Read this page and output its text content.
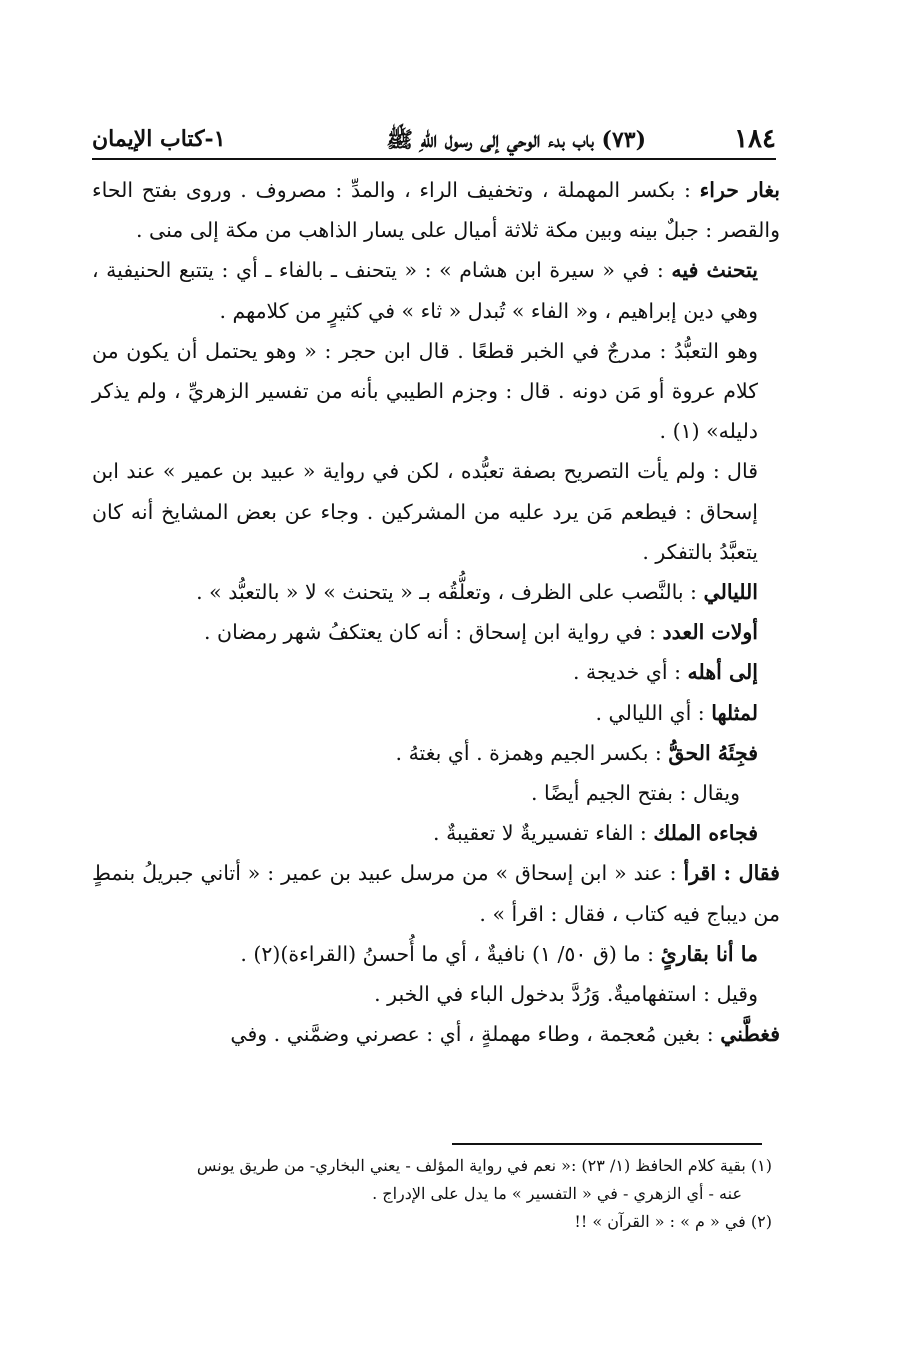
١٨٤
(٧٣) باب بدء الوحي إلى رسول اللّهِ ﷺ
١-كتاب الإيمان

بغار حراء : بكسر المهملة ، وتخفيف الراء ، والمدِّ : مصروف . وروى بفتح الحاء والقصر : جبلٌ بينه وبين مكة ثلاثة أميال على يسار الذاهب من مكة إلى منى .

يتحنث فيه : في « سيرة ابن هشام » : « يتحنف ـ بالفاء ـ أي : يتتبع الحنيفية ، وهي دين إبراهيم ، و« الفاء » تُبدل « ثاء » في كثيرٍ من كلامهم .

وهو التعبُّدُ : مدرجٌ في الخبر قطعًا . قال ابن حجر : « وهو يحتمل أن يكون من كلام عروة أو مَن دونه . قال : وجزم الطيبي بأنه من تفسير الزهريِّ ، ولم يذكر دليله» (١) .

قال : ولم يأت التصريح بصفة تعبُّده ، لكن في رواية « عبيد بن عمير » عند ابن إسحاق : فيطعم مَن يرد عليه من المشركين . وجاء عن بعض المشايخ أنه كان يتعبَّدُ بالتفكر .

الليالي : بالنَّصب على الظرف ، وتعلُّقُه بـ « يتحنث » لا « بالتعبُّد » .

أولات العدد : في رواية ابن إسحاق : أنه كان يعتكفُ شهر رمضان .

إلى أهله : أي خديجة .

لمثلها : أي الليالي .

فجِئَهُ الحقُّ : بكسر الجيم وهمزة . أي بغتهُ .

ويقال : بفتح الجيم أيضًا .

فجاءه الملك : الفاء تفسيريةٌ لا تعقيبةٌ .

فقال : اقرأ : عند « ابن إسحاق » من مرسل عبيد بن عمير : « أتاني جبريلُ بنمطٍ من ديباج فيه كتاب ، فقال : اقرأ » .

ما أنا بقارئٍ : ما (ق ٥٠/ ١) نافيةٌ ، أي ما أُحسنُ (القراءة)(٢) .

وقيل : استفهاميةٌ. وَرُدَّ بدخول الباء في الخبر .

فغطَّني : بغين مُعجمة ، وطاء مهملةٍ ، أي : عصرني وضمَّني . وفي

(١) بقية كلام الحافظ (١/ ٢٣) :« نعم في رواية المؤلف - يعني البخاري- من طريق يونس

عنه - أي الزهري - في « التفسير » ما يدل على الإدراج .

(٢) في « م » : « القرآن » !!
